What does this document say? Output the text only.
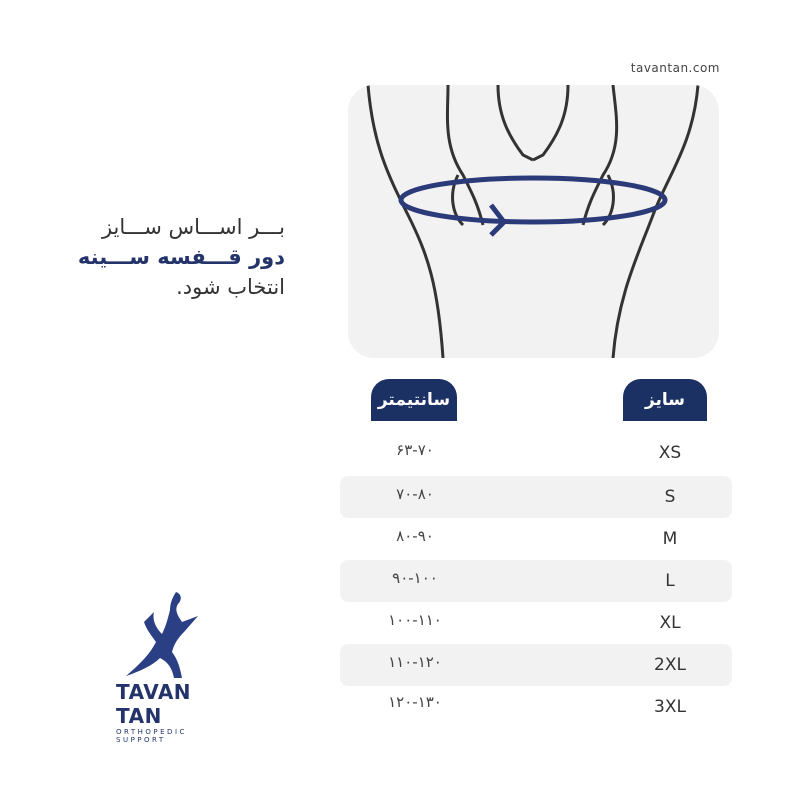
tavantan.com
بـــر اســـاس ســـایز
دور قـــفسه ســـینه
انتخاب شود.
سانتیمتر	سایز
۶۳-۷۰	XS
۷۰-۸۰	S
۸۰-۹۰	M
۹۰-۱۰۰	L
۱۰۰-۱۱۰	XL
۱۱۰-۱۲۰	2XL
۱۲۰-۱۳۰	3XL
TAVAN TAN
ORTHOPEDIC SUPPORT
